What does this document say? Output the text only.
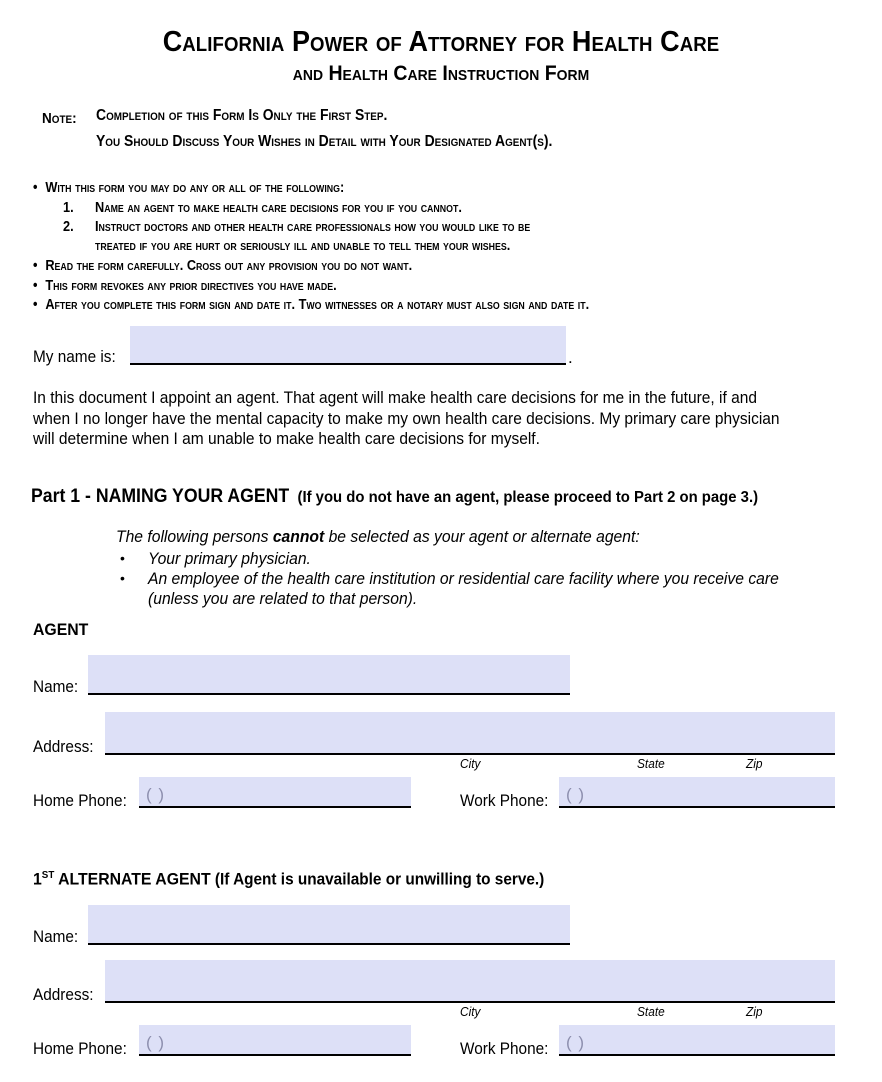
California Power of Attorney for Health Care
and Health Care Instruction Form
Note: Completion of this Form Is Only the First Step.
You Should Discuss Your Wishes in Detail with Your Designated Agent(s).
• With this form you may do any or all of the following:
1. Name an agent to make health care decisions for you if you cannot.
2. Instruct doctors and other health care professionals how you would like to be
treated if you are hurt or seriously ill and unable to tell them your wishes.
• Read the form carefully. Cross out any provision you do not want.
• This form revokes any prior directives you have made.
• After you complete this form sign and date it. Two witnesses or a notary must also sign and date it.
My name is:	.
In this document I appoint an agent. That agent will make health care decisions for me in the future, if and when I no longer have the mental capacity to make my own health care decisions. My primary care physician will determine when I am unable to make health care decisions for myself.
Part 1 - NAMING YOUR AGENT (If you do not have an agent, please proceed to Part 2 on page 3.)
The following persons cannot be selected as your agent or alternate agent:
• Your primary physician.
• An employee of the health care institution or residential care facility where you receive care
(unless you are related to that person).
AGENT
Name:
Address:
City	State	Zip
Home Phone: ( )	Work Phone: ( )
1ST ALTERNATE AGENT (If Agent is unavailable or unwilling to serve.)
Name:
Address:
City	State	Zip
Home Phone: ( )	Work Phone: ( )
